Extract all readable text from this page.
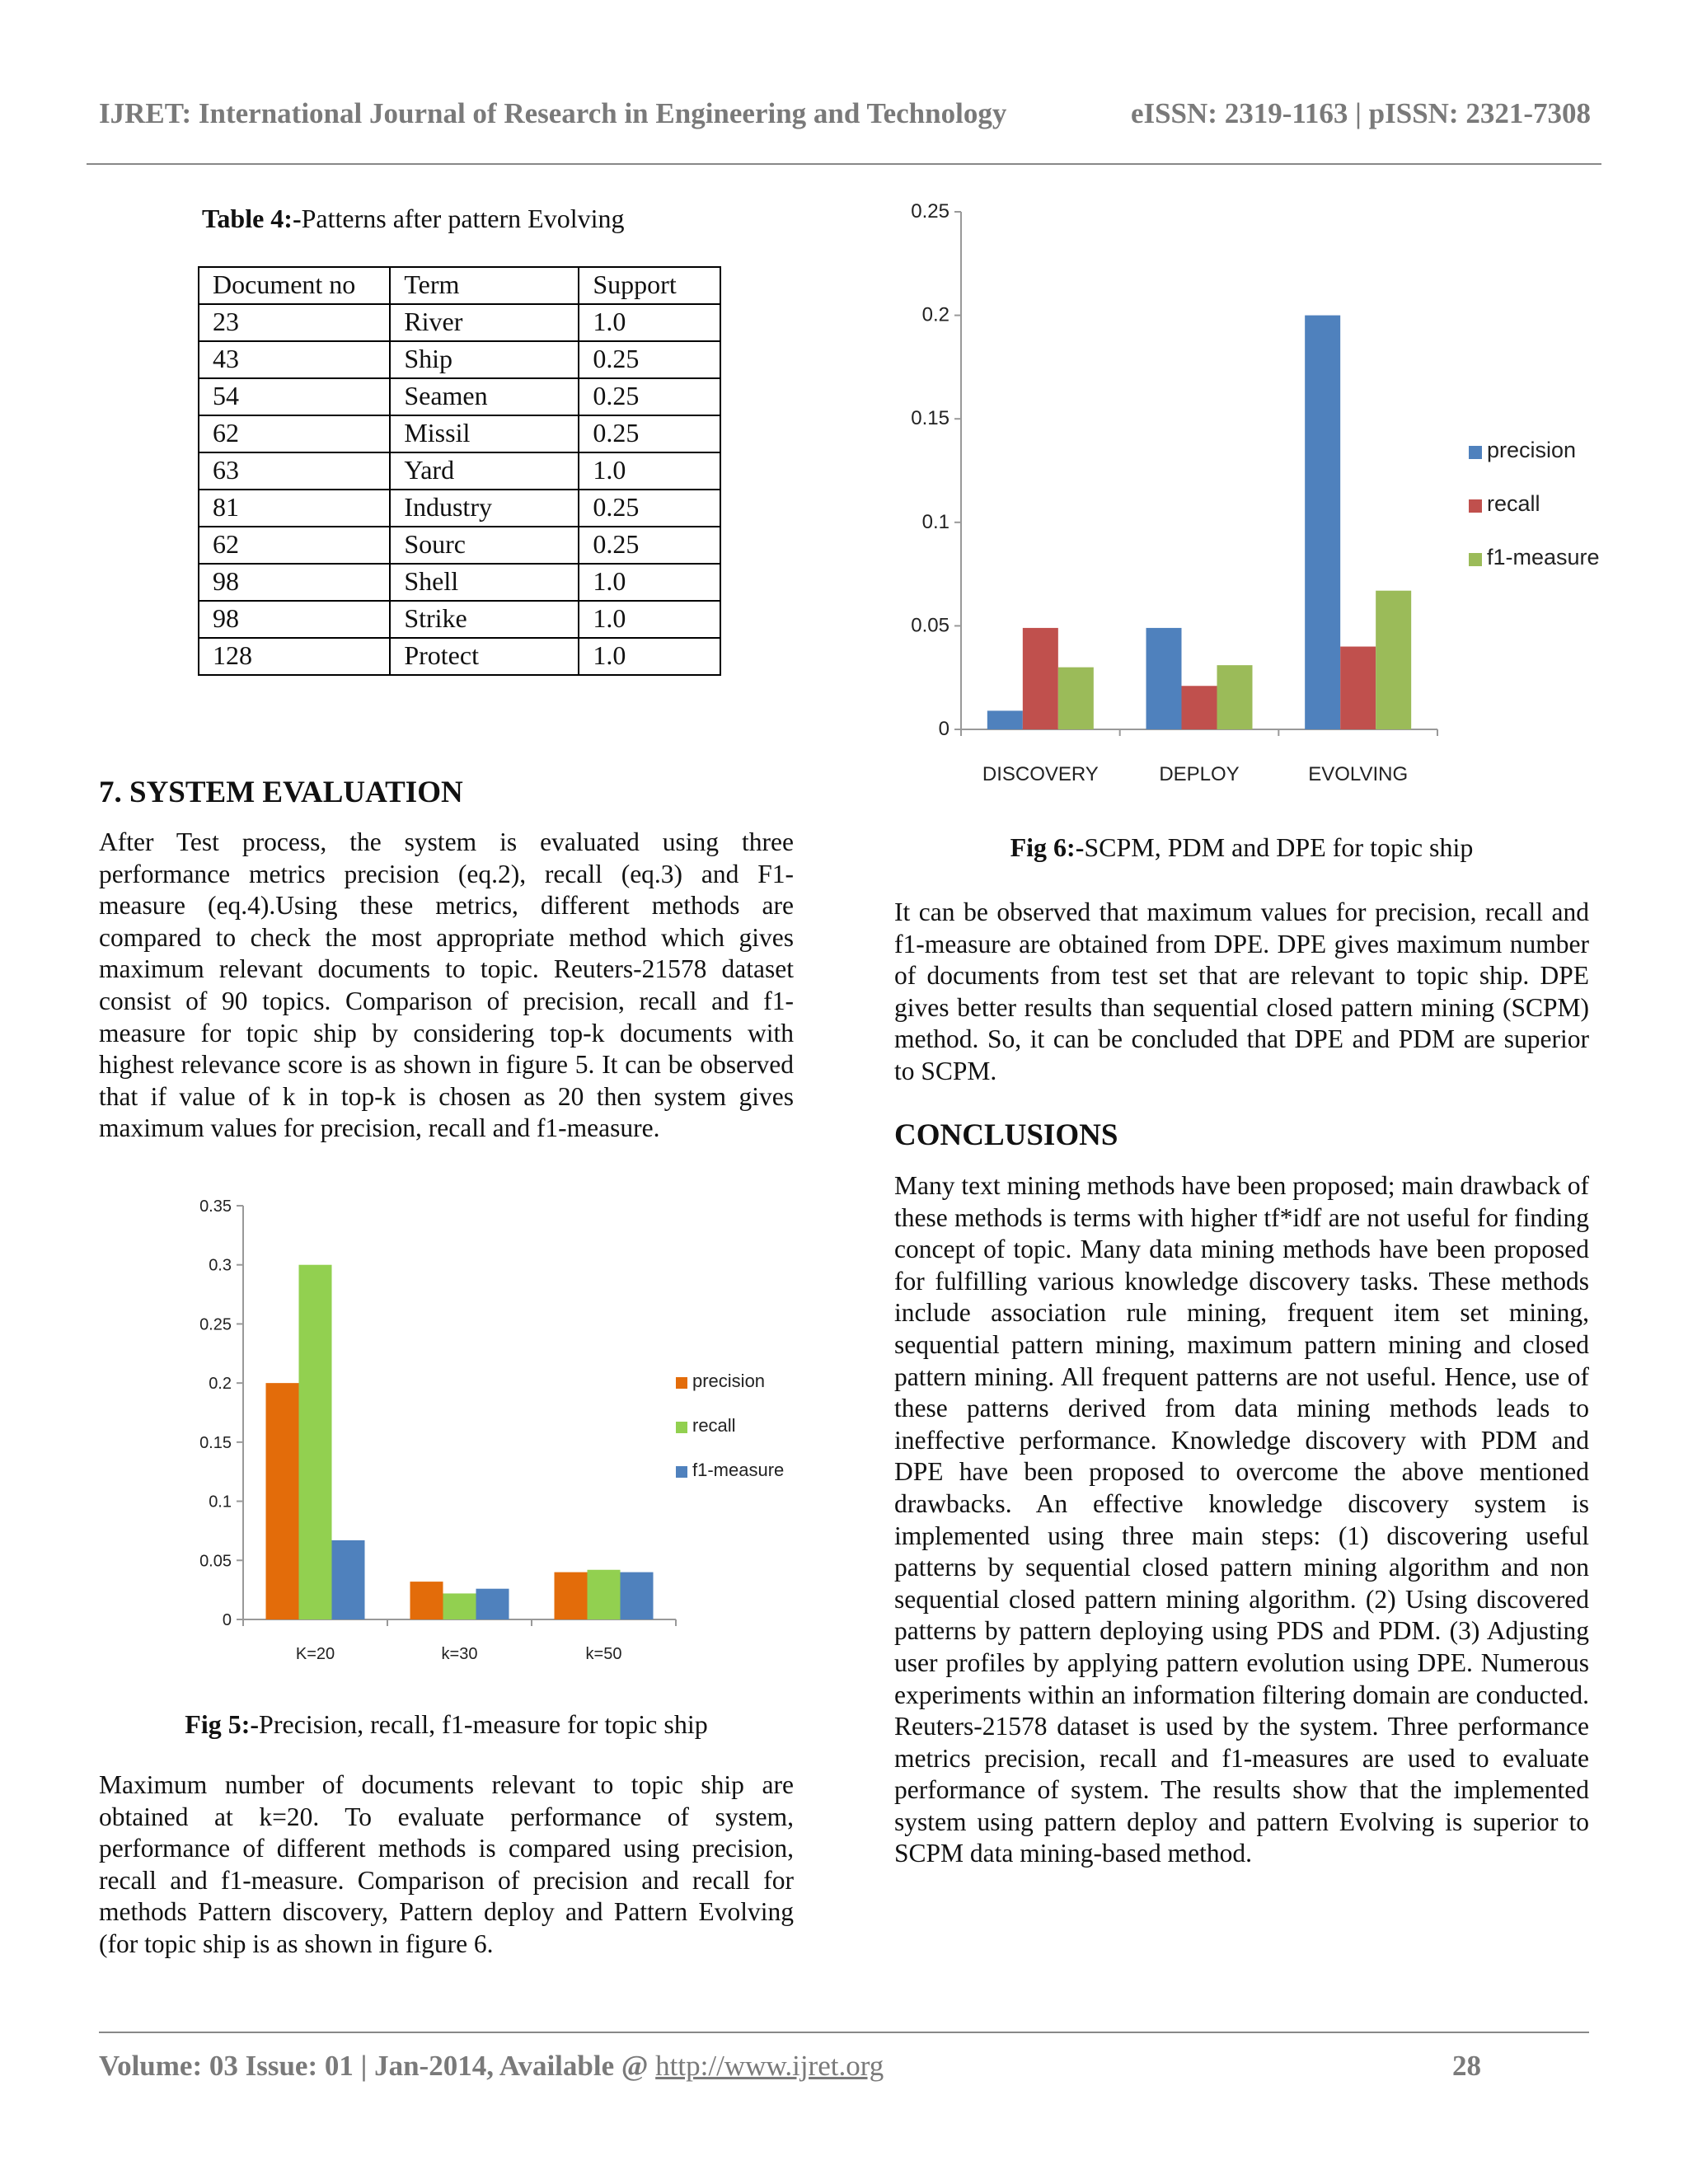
IJRET: International Journal of Research in Engineering and Technology	eISSN: 2319-1163 | pISSN: 2321-7308
Table 4:-Patterns after pattern Evolving
Document no	Term	Support
23	River	1.0
43	Ship	0.25
54	Seamen	0.25
62	Missil	0.25
63	Yard	1.0
81	Industry	0.25
62	Sourc	0.25
98	Shell	1.0
98	Strike	1.0
128	Protect	1.0
7. SYSTEM EVALUATION
After Test process, the system is evaluated using three performance metrics precision (eq.2), recall (eq.3) and F1-measure (eq.4).Using these metrics, different methods are compared to check the most appropriate method which gives maximum relevant documents to topic. Reuters-21578 dataset consist of 90 topics. Comparison of precision, recall and f1-measure for topic ship by considering top-k documents with highest relevance score is as shown in figure 5. It can be observed that if value of k in top-k is chosen as 20 then system gives maximum values for precision, recall and f1-measure.
0
0.05
0.1
0.15
0.2
0.25
0.3
0.35
K=20	k=30	k=50
precision
recall
f1-measure
Fig 5:-Precision, recall, f1-measure for topic ship
Maximum number of documents relevant to topic ship are obtained at k=20. To evaluate performance of system, performance of different methods is compared using precision, recall and f1-measure. Comparison of precision and recall for methods Pattern discovery, Pattern deploy and Pattern Evolving (for topic ship is as shown in figure 6.
0
0.05
0.1
0.15
0.2
0.25
DISCOVERY	DEPLOY	EVOLVING
precision
recall
f1-measure
Fig 6:-SCPM, PDM and DPE for topic ship
It can be observed that maximum values for precision, recall and f1-measure are obtained from DPE. DPE gives maximum number of documents from test set that are relevant to topic ship. DPE gives better results than sequential closed pattern mining (SCPM) method. So, it can be concluded that DPE and PDM are superior to SCPM.
CONCLUSIONS
Many text mining methods have been proposed; main drawback of these methods is terms with higher tf*idf are not useful for finding concept of topic. Many data mining methods have been proposed for fulfilling various knowledge discovery tasks. These methods include association rule mining, frequent item set mining, sequential pattern mining, maximum pattern mining and closed pattern mining. All frequent patterns are not useful. Hence, use of these patterns derived from data mining methods leads to ineffective performance. Knowledge discovery with PDM and DPE have been proposed to overcome the above mentioned drawbacks. An effective knowledge discovery system is implemented using three main steps: (1) discovering useful patterns by sequential closed pattern mining algorithm and non sequential closed pattern mining algorithm. (2) Using discovered patterns by pattern deploying using PDS and PDM. (3) Adjusting user profiles by applying pattern evolution using DPE. Numerous experiments within an information filtering domain are conducted. Reuters-21578 dataset is used by the system. Three performance metrics precision, recall and f1-measures are used to evaluate performance of system. The results show that the implemented system using pattern deploy and pattern Evolving is superior to SCPM data mining-based method.
Volume: 03 Issue: 01 | Jan-2014, Available @ http://www.ijret.org	28
